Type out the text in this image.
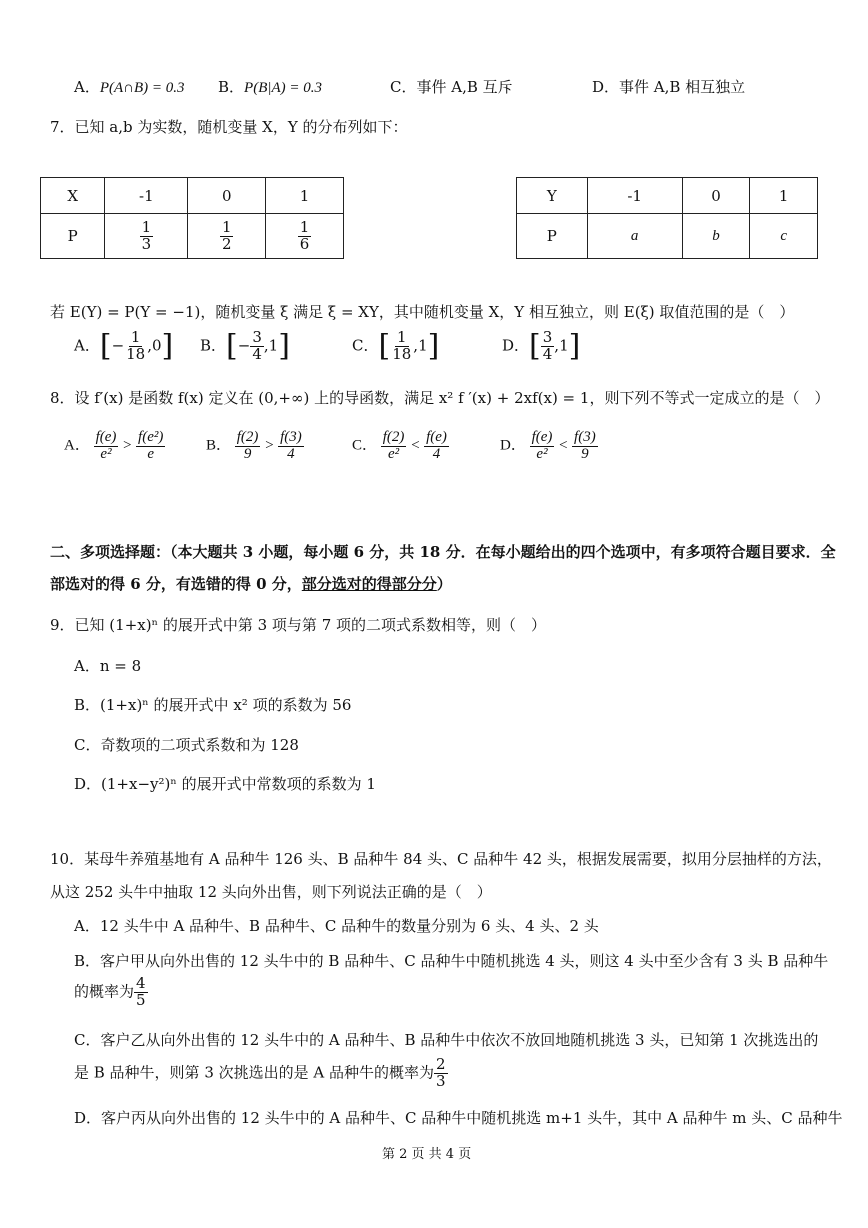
A．P(A∩B) = 0.3 B．P(B|A) = 0.3	C．事件 A,B 互斥	D．事件 A,B 相互独立
7．已知 a,b 为实数，随机变量 X，Y 的分布列如下：
X	-1	0	1
P	$\frac{1}{3}$	$\frac{1}{2}$	$\frac{1}{6}$
Y	-1	0	1
P	a	b	c
若 E(Y) = P(Y = −1)，随机变量 ξ 满足 ξ = XY，其中随机变量 X，Y 相互独立，则 E(ξ) 取值范围的是（　）
A．[− $\frac{1}{18} ,0$] B．[− $\frac{3}{4} ,1$]	C．[ $\frac{1}{18} ,1$]	D．[ $\frac{3}{4} ,1$]
8．设 f′(x) 是函数 f(x) 定义在 (0,+∞) 上的导函数，满足 x² f ′(x) + 2xf(x) = 1，则下列不等式一定成立的是（　）
A． $\frac{f(e)}{\text{e²}} > \frac{\text{f(e²)}}{e}$	B． $\frac{f(2)}{9} > \frac{f(3)}{4}$	C． $\frac{f(2)}{\text{e²}} < \frac{f(e)}{4}$	D． $\frac{f(e)}{\text{e²}} < \frac{f(3)}{9}$
二、多项选择题：（本大题共 3 小题，每小题 6 分，共 18 分．在每小题给出的四个选项中，有多项符合题目要求．全
部选对的得 6 分，有选错的得 0 分，部分选对的得部分分）
9．已知 (1+x)ⁿ 的展开式中第 3 项与第 7 项的二项式系数相等，则（　）
A．n = 8
B．(1+x)ⁿ 的展开式中 x² 项的系数为 56
C．奇数项的二项式系数和为 128
D．(1+x−y²)ⁿ 的展开式中常数项的系数为 1
10．某母牛养殖基地有 A 品种牛 126 头、B 品种牛 84 头、C 品种牛 42 头，根据发展需要，拟用分层抽样的方法，
从这 252 头牛中抽取 12 头向外出售，则下列说法正确的是（　）
A．12 头牛中 A 品种牛、B 品种牛、C 品种牛的数量分别为 6 头、4 头、2 头
B．客户甲从向外出售的 12 头牛中的 B 品种牛、C 品种牛中随机挑选 4 头，则这 4 头中至少含有 3 头 B 品种牛
的概率为 $\frac{4}{5}$
C．客户乙从向外出售的 12 头牛中的 A 品种牛、B 品种牛中依次不放回地随机挑选 3 头，已知第 1 次挑选出的
是 B 品种牛，则第 3 次挑选出的是 A 品种牛的概率为 $\frac{2}{3}$
D．客户丙从向外出售的 12 头牛中的 A 品种牛、C 品种牛中随机挑选 m+1 头牛，其中 A 品种牛 m 头、C 品种牛
第 2 页 共 4 页
